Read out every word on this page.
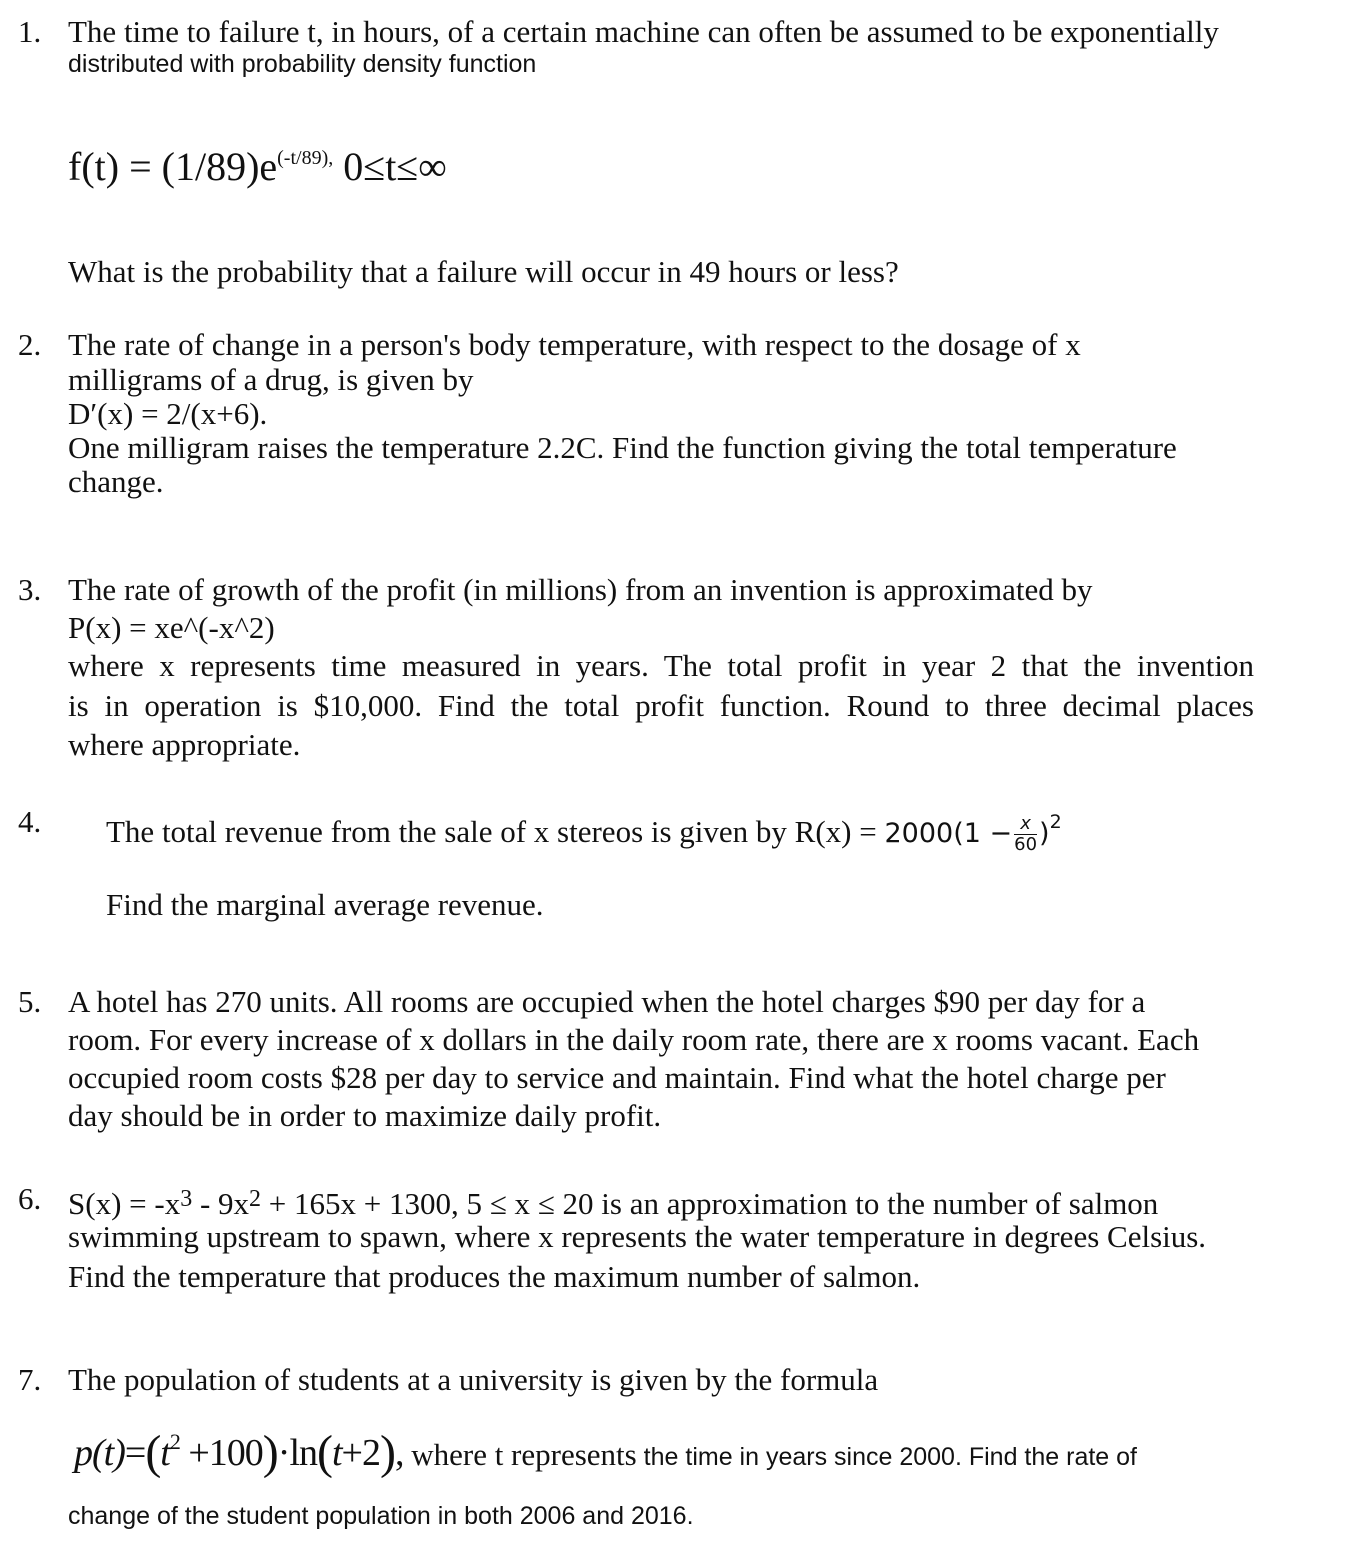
1. The time to failure t, in hours, of a certain machine can often be assumed to be exponentially
distributed with probability density function
$f(t) = (1/89)e^{(-t/89),}$ 0≤t≤∞
What is the probability that a failure will occur in 49 hours or less?
2. The rate of change in a person's body temperature, with respect to the dosage of x
milligrams of a drug, is given by
D′(x) = 2/(x+6).
One milligram raises the temperature 2.2C. Find the function giving the total temperature
change.
3. The rate of growth of the profit (in millions) from an invention is approximated by
P(x) = xe^(-x^2)
where x represents time measured in years. The total profit in year 2 that the invention
is in operation is $10,000. Find the total profit function. Round to three decimal places
where appropriate.
4. The total revenue from the sale of x stereos is given by $R(x) = 2000(1 - \frac{x}{60} )^2$
Find the marginal average revenue.
5. A hotel has 270 units. All rooms are occupied when the hotel charges $90 per day for a
room. For every increase of x dollars in the daily room rate, there are x rooms vacant. Each
occupied room costs $28 per day to service and maintain. Find what the hotel charge per
day should be in order to maximize daily profit.
6. $S(x) = -x^3 - 9x^2 + 165x + 1300$, 5 ≤ x ≤ 20 is an approximation to the number of salmon
swimming upstream to spawn, where x represents the water temperature in degrees Celsius.
Find the temperature that produces the maximum number of salmon.
7. The population of students at a university is given by the formula
$p(t)=(t^2 +100)\cdot\ln(t+2)$, where t represents the time in years since 2000. Find the rate of
change of the student population in both 2006 and 2016.
